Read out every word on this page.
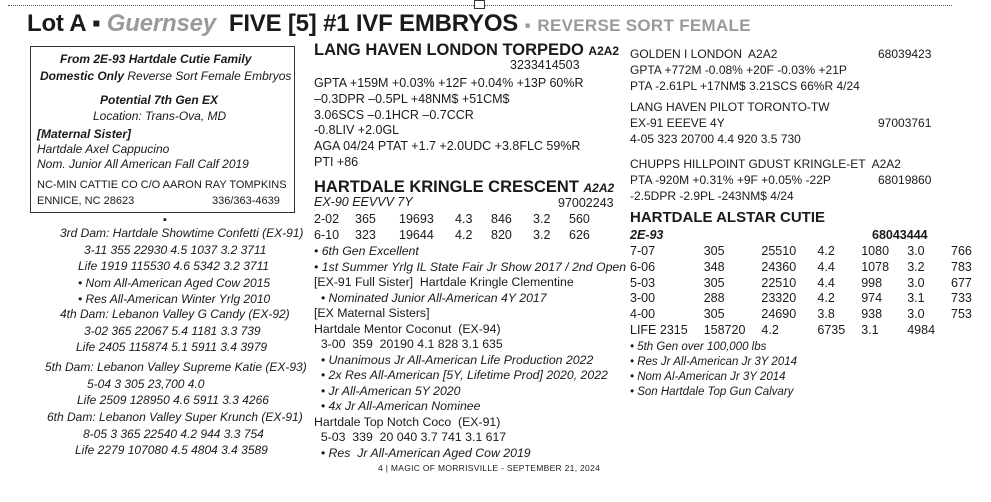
Lot A ▪ Guernsey FIVE [5] #1 IVF EMBRYOS ▪ REVERSE SORT FEMALE
From 2E-93 Hartdale Cutie Family
Domestic Only Reverse Sort Female Embryos
Potential 7th Gen EX
Location: Trans-Ova, MD
[Maternal Sister]
Hartdale Axel Cappucino
Nom. Junior All American Fall Calf 2019
NC-MIN CATTIE CO C/O AARON RAY TOMPKINS
ENNICE, NC 28623	336/363-4639
▪
3rd Dam: Hartdale Showtime Confetti (EX-91)
3-11 355 22930 4.5 1037 3.2 3711
Life 1919 115530 4.6 5342 3.2 3711
• Nom All-American Aged Cow 2015
• Res All-American Winter Yrlg 2010
4th Dam: Lebanon Valley G Candy (EX-92)
3-02 365 22067 5.4 1181 3.3 739
Life 2405 115874 5.1 5911 3.4 3979
5th Dam: Lebanon Valley Supreme Katie (EX-93)
5-04 3 305 23,700 4.0
Life 2509 128950 4.6 5911 3.3 4266
6th Dam: Lebanon Valley Super Krunch (EX-91)
8-05 3 365 22540 4.2 944 3.3 754
Life 2279 107080 4.5 4804 3.4 3589
LANG HAVEN LONDON TORPEDO A2A2
3233414503
GPTA +159M +0.03% +12F +0.04% +13P 60%R
–0.3DPR –0.5PL +48NM$ +51CM$
3.06SCS –0.1HCR –0.7CCR
-0.8LIV +2.0GL
AGA 04/24 PTAT +1.7 +2.0UDC +3.8FLC 59%R
PTI +86
HARTDALE KRINGLE CRESCENT A2A2
EX-90 EEVVV 7Y	97002243
2-02	365	19693	4.3	846	3.2	560
6-10	323	19644	4.2	820	3.2	626
• 6th Gen Excellent
• 1st Summer Yrlg IL State Fair Jr Show 2017 / 2nd Open
[EX-91 Full Sister]  Hartdale Kringle Clementine
• Nominated Junior All-American 4Y 2017
[EX Maternal Sisters]
Hartdale Mentor Coconut  (EX-94)
3-00  359  20190 4.1 828 3.1 635
• Unanimous Jr All-American Life Production 2022
• 2x Res All-American [5Y, Lifetime Prod] 2020, 2022
• Jr All-American 5Y 2020
• 4x Jr All-American Nominee
Hartdale Top Notch Coco  (EX-91)
5-03  339  20 040 3.7 741 3.1 617
• Res  Jr All-American Aged Cow 2019
GOLDEN I LONDON A2A2	68039423
GPTA +772M -0.08% +20F -0.03% +21P
PTA -2.61PL +17NM$ 3.21SCS 66%R 4/24
LANG HAVEN PILOT TORONTO-TW
EX-91 EEEVE 4Y	97003761
4-05 323 20700 4.4 920 3.5 730
CHUPPS HILLPOINT GDUST KRINGLE-ET A2A2
PTA -920M +0.31% +9F +0.05% -22P	68019860
-2.5DPR -2.9PL -243NM$ 4/24
HARTDALE ALSTAR CUTIE
2E-93	68043444
7-07	305	25510	4.2	1080	3.0	766
6-06	348	24360	4.4	1078	3.2	783
5-03	305	22510	4.4	998	3.0	677
3-00	288	23320	4.2	974	3.1	733
4-00	305	24690	3.8	938	3.0	753
LIFE 2315	158720	4.2	6735	3.1	4984	
• 5th Gen over 100,000 lbs
• Res Jr All-American Jr 3Y 2014
• Nom Al-American Jr 3Y 2014
• Son Hartdale Top Gun Calvary
4 | MAGIC OF MORRISVILLE - SEPTEMBER 21, 2024
